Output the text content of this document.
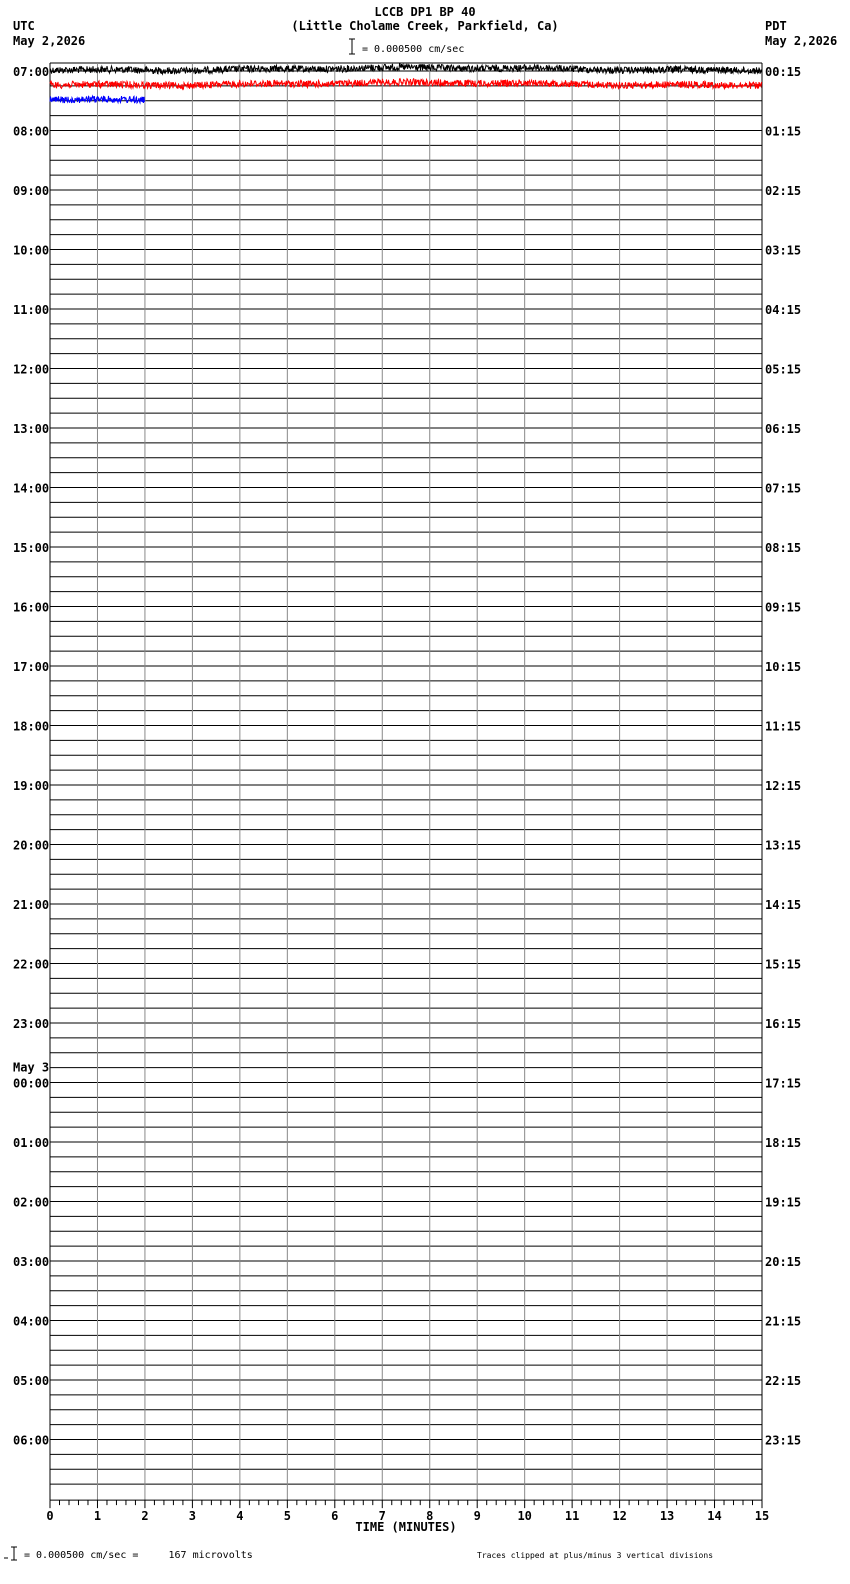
LCCB DP1 BP 40
(Little Cholame Creek, Parkfield, Ca)
UTC
May 2,2026
PDT
May 2,2026
= 0.000500 cm/sec
07:00	00:15
08:00	01:15
09:00	02:15
10:00	03:15
11:00	04:15
12:00	05:15
13:00	06:15
14:00	07:15
15:00	08:15
16:00	09:15
17:00	10:15
18:00	11:15
19:00	12:15
20:00	13:15
21:00	14:15
22:00	15:15
23:00	16:15
May 3
00:00	17:15
01:00	18:15
02:00	19:15
03:00	20:15
04:00	21:15
05:00	22:15
06:00	23:15
0	1	2	3	4	5	6	7	8	9	10	11	12	13	14	15
TIME (MINUTES)
= 0.000500 cm/sec =     167 microvolts	Traces clipped at plus/minus 3 vertical divisions
